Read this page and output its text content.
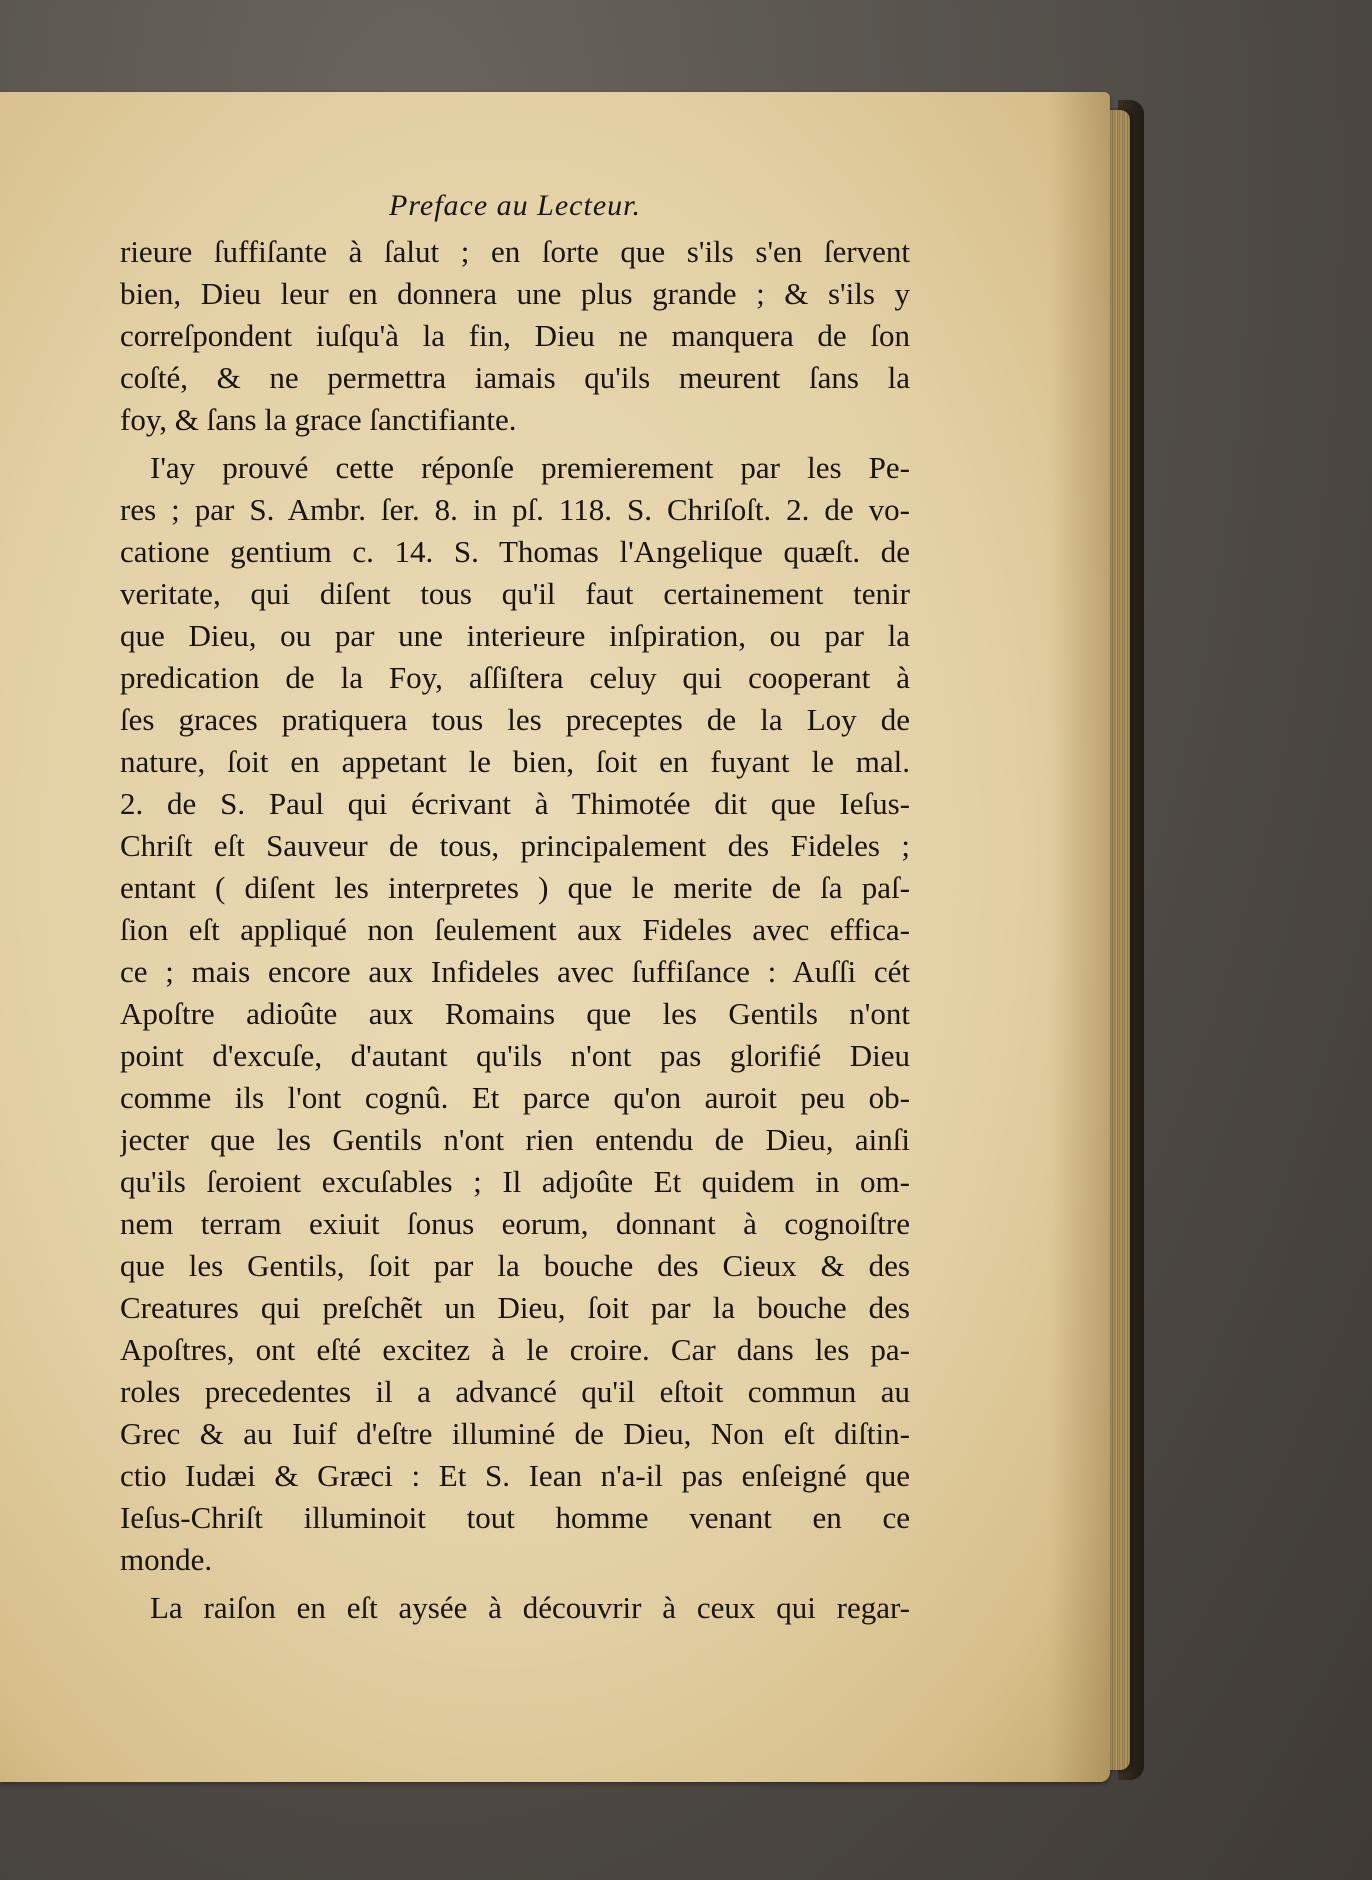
Preface au Lecteur.
rieure ſuffiſante à ſalut ; en ſorte que s'ils s'en ſervent
bien, Dieu leur en donnera une plus grande ; & s'ils y
correſpondent iuſqu'à la fin, Dieu ne manquera de ſon
coſté, & ne permettra iamais qu'ils meurent ſans la
foy, & ſans la grace ſanctifiante.
I'ay prouvé cette réponſe premierement par les Pe-
res ; par S. Ambr. ſer. 8. in pſ. 118. S. Chriſoſt. 2. de vo-
catione gentium c. 14. S. Thomas l'Angelique quæſt. de
veritate, qui diſent tous qu'il faut certainement tenir
que Dieu, ou par une interieure inſpiration, ou par la
predication de la Foy, aſſiſtera celuy qui cooperant à
ſes graces pratiquera tous les preceptes de la Loy de
nature, ſoit en appetant le bien, ſoit en fuyant le mal.
2. de S. Paul qui écrivant à Thimotée dit que Ieſus-
Chriſt eſt Sauveur de tous, principalement des Fideles ;
entant ( diſent les interpretes ) que le merite de ſa paſ-
ſion eſt appliqué non ſeulement aux Fideles avec effica-
ce ; mais encore aux Infideles avec ſuffiſance : Auſſi cét
Apoſtre adioûte aux Romains que les Gentils n'ont
point d'excuſe, d'autant qu'ils n'ont pas glorifié Dieu
comme ils l'ont cognû. Et parce qu'on auroit peu ob-
jecter que les Gentils n'ont rien entendu de Dieu, ainſi
qu'ils ſeroient excuſables ; Il adjoûte Et quidem in om-
nem terram exiuit ſonus eorum, donnant à cognoiſtre
que les Gentils, ſoit par la bouche des Cieux & des
Creatures qui preſchẽt un Dieu, ſoit par la bouche des
Apoſtres, ont eſté excitez à le croire. Car dans les pa-
roles precedentes il a advancé qu'il eſtoit commun au
Grec & au Iuif d'eſtre illuminé de Dieu, Non eſt diſtin-
ctio Iudæi & Græci : Et S. Iean n'a-il pas enſeigné que
Ieſus-Chriſt illuminoit tout homme venant en ce
monde.
La raiſon en eſt aysée à découvrir à ceux qui regar-
